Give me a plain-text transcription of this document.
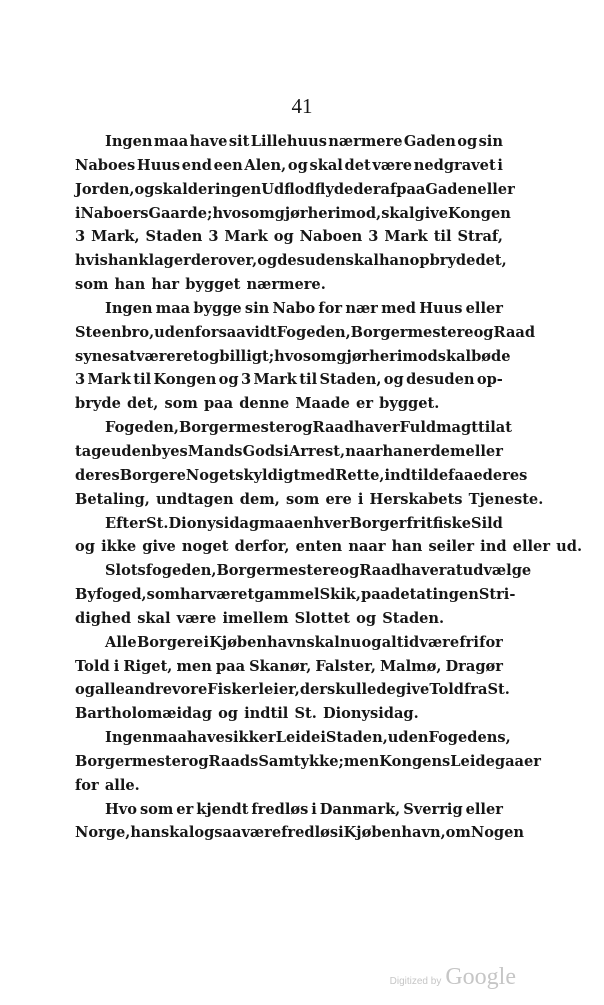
41
Ingen maa have sit Lillehuus nærmere Gaden og sin
Naboes Huus end een Alen, og skal det være nedgravet i
Jorden, og skal der ingen Udflod flyde deraf paa Gaden eller
i Naboers Gaarde; hvo som gjør herimod, skal give Kongen
3 Mark, Staden 3 Mark og Naboen 3 Mark til Straf,
hvis han klager derover, og desuden skal han opbryde det,
som han har bygget nærmere.
Ingen maa bygge sin Nabo for nær med Huus eller
Steenbro, uden forsaavidt Fogeden, Borgermestere og Raad
synes at være ret og billigt; hvo som gjør herimod skal bøde
3 Mark til Kongen og 3 Mark til Staden, og desuden op-
bryde det, som paa denne Maade er bygget.
Fogeden, Borgermester og Raad haver Fuldmagt til at
tage udenbyes Mands Gods i Arrest, naar han er dem eller
deres Borgere Noget skyldigt med Rette, indtil de faae deres
Betaling, undtagen dem, som ere i Herskabets Tjeneste.
Efter St. Dionysidag maa enhver Borger frit fiske Sild
og ikke give noget derfor, enten naar han seiler ind eller ud.
Slotsfogeden, Borgermestere og Raad haver at udvælge
Byfoged, som har været gammel Skik, paa det at ingen Stri-
dighed skal være imellem Slottet og Staden.
Alle Borgere i Kjøbenhavn skal nu og altid være fri for
Told i Riget, men paa Skanør, Falster, Malmø, Dragør
og alle andre vore Fiskerleier, der skulle de give Told fra St.
Bartholomæidag og indtil St. Dionysidag.
Ingen maa have sikker Leide i Staden, uden Fogedens,
Borgermester og Raads Samtykke; men Kongens Leide gaaer
for alle.
Hvo som er kjendt fredløs i Danmark, Sverrig eller
Norge, han skal ogsaa være fredløs i Kjøbenhavn, om Nogen
Digitized by Google
